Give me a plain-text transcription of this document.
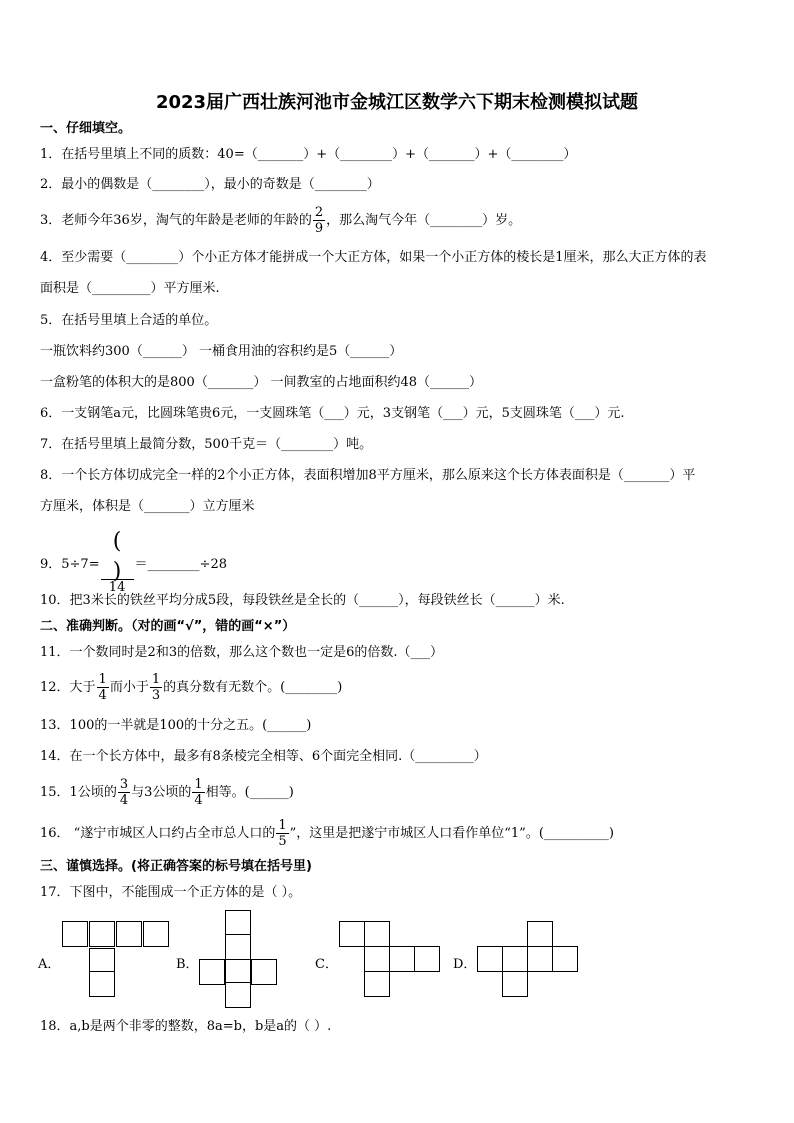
2023届广西壮族河池市金城江区数学六下期末检测模拟试题
一、仔细填空。
1．在括号里填上不同的质数：40=（_______）+（________）+（_______）+（________）
2．最小的偶数是（________），最小的奇数是（________）
3．老师今年36岁，淘气的年龄是老师的年龄的 $\frac{2}{9}$ ，那么淘气今年（________）岁。
4．至少需要（________）个小正方体才能拼成一个大正方体，如果一个小正方体的棱长是1厘米，那么大正方体的表
面积是（_________）平方厘米.
5．在括号里填上合适的单位。
一瓶饮料约300（______） 一桶食用油的容积约是5（______）
一盒粉笔的体积大的是800（_______） 一间教室的占地面积约48（______）
6．一支钢笔a元，比圆珠笔贵6元，一支圆珠笔（___）元，3支钢笔（___）元，5支圆珠笔（___）元.
7．在括号里填上最简分数，500千克＝（________）吨。
8．一个长方体切成完全一样的2个小正方体，表面积增加8平方厘米，那么原来这个长方体表面积是（_______）平
方厘米，体积是（_______）立方厘米
9．5÷7= (

)
14 ＝________÷28
10．把3米长的铁丝平均分成5段，每段铁丝是全长的（______），每段铁丝长（______）米.
二、准确判断。（对的画“√”，错的画“×”）
11．一个数同时是2和3的倍数，那么这个数也一定是6的倍数.（___）
12．大于 $\frac{1}{4}$ 而小于 $\frac{1}{3}$ 的真分数有无数个。(________)
13．100的一半就是100的十分之五。(______)
14．在一个长方体中，最多有8条棱完全相等、6个面完全相同.（_________）
15．1公顷的 $\frac{3}{4}$ 与3公顷的 $\frac{1}{4}$ 相等。(______)
16． “遂宁市城区人口约占全市总人口的 $\frac{1}{5}$ ”，这里是把遂宁市城区人口看作单位“1”。(__________)
三、谨慎选择。(将正确答案的标号填在括号里)
17．下图中，不能围成一个正方体的是（ ）。
A．	B．	C．	D．
18．a,b是两个非零的整数，8a=b，b是a的（ ）.
